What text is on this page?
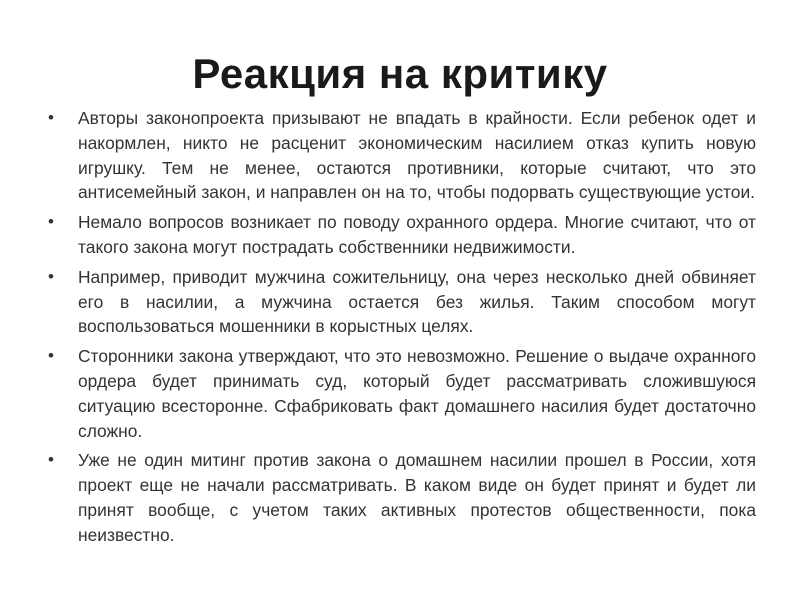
Реакция на критику
• Авторы законопроекта призывают не впадать в крайности. Если ребенок одет и накормлен, никто не расценит экономическим насилием отказ купить новую игрушку. Тем не менее, остаются противники, которые считают, что это антисемейный закон, и направлен он на то, чтобы подорвать существующие устои.
• Немало вопросов возникает по поводу охранного ордера. Многие считают, что от такого закона могут пострадать собственники недвижимости.
• Например, приводит мужчина сожительницу, она через несколько дней обвиняет его в насилии, а мужчина остается без жилья. Таким способом могут воспользоваться мошенники в корыстных целях.
• Сторонники закона утверждают, что это невозможно. Решение о выдаче охранного ордера будет принимать суд, который будет рассматривать сложившуюся ситуацию всесторонне. Сфабриковать факт домашнего насилия будет достаточно сложно.
• Уже не один митинг против закона о домашнем насилии прошел в России, хотя проект еще не начали рассматривать. В каком виде он будет принят и будет ли принят вообще, с учетом таких активных протестов общественности, пока неизвестно.
